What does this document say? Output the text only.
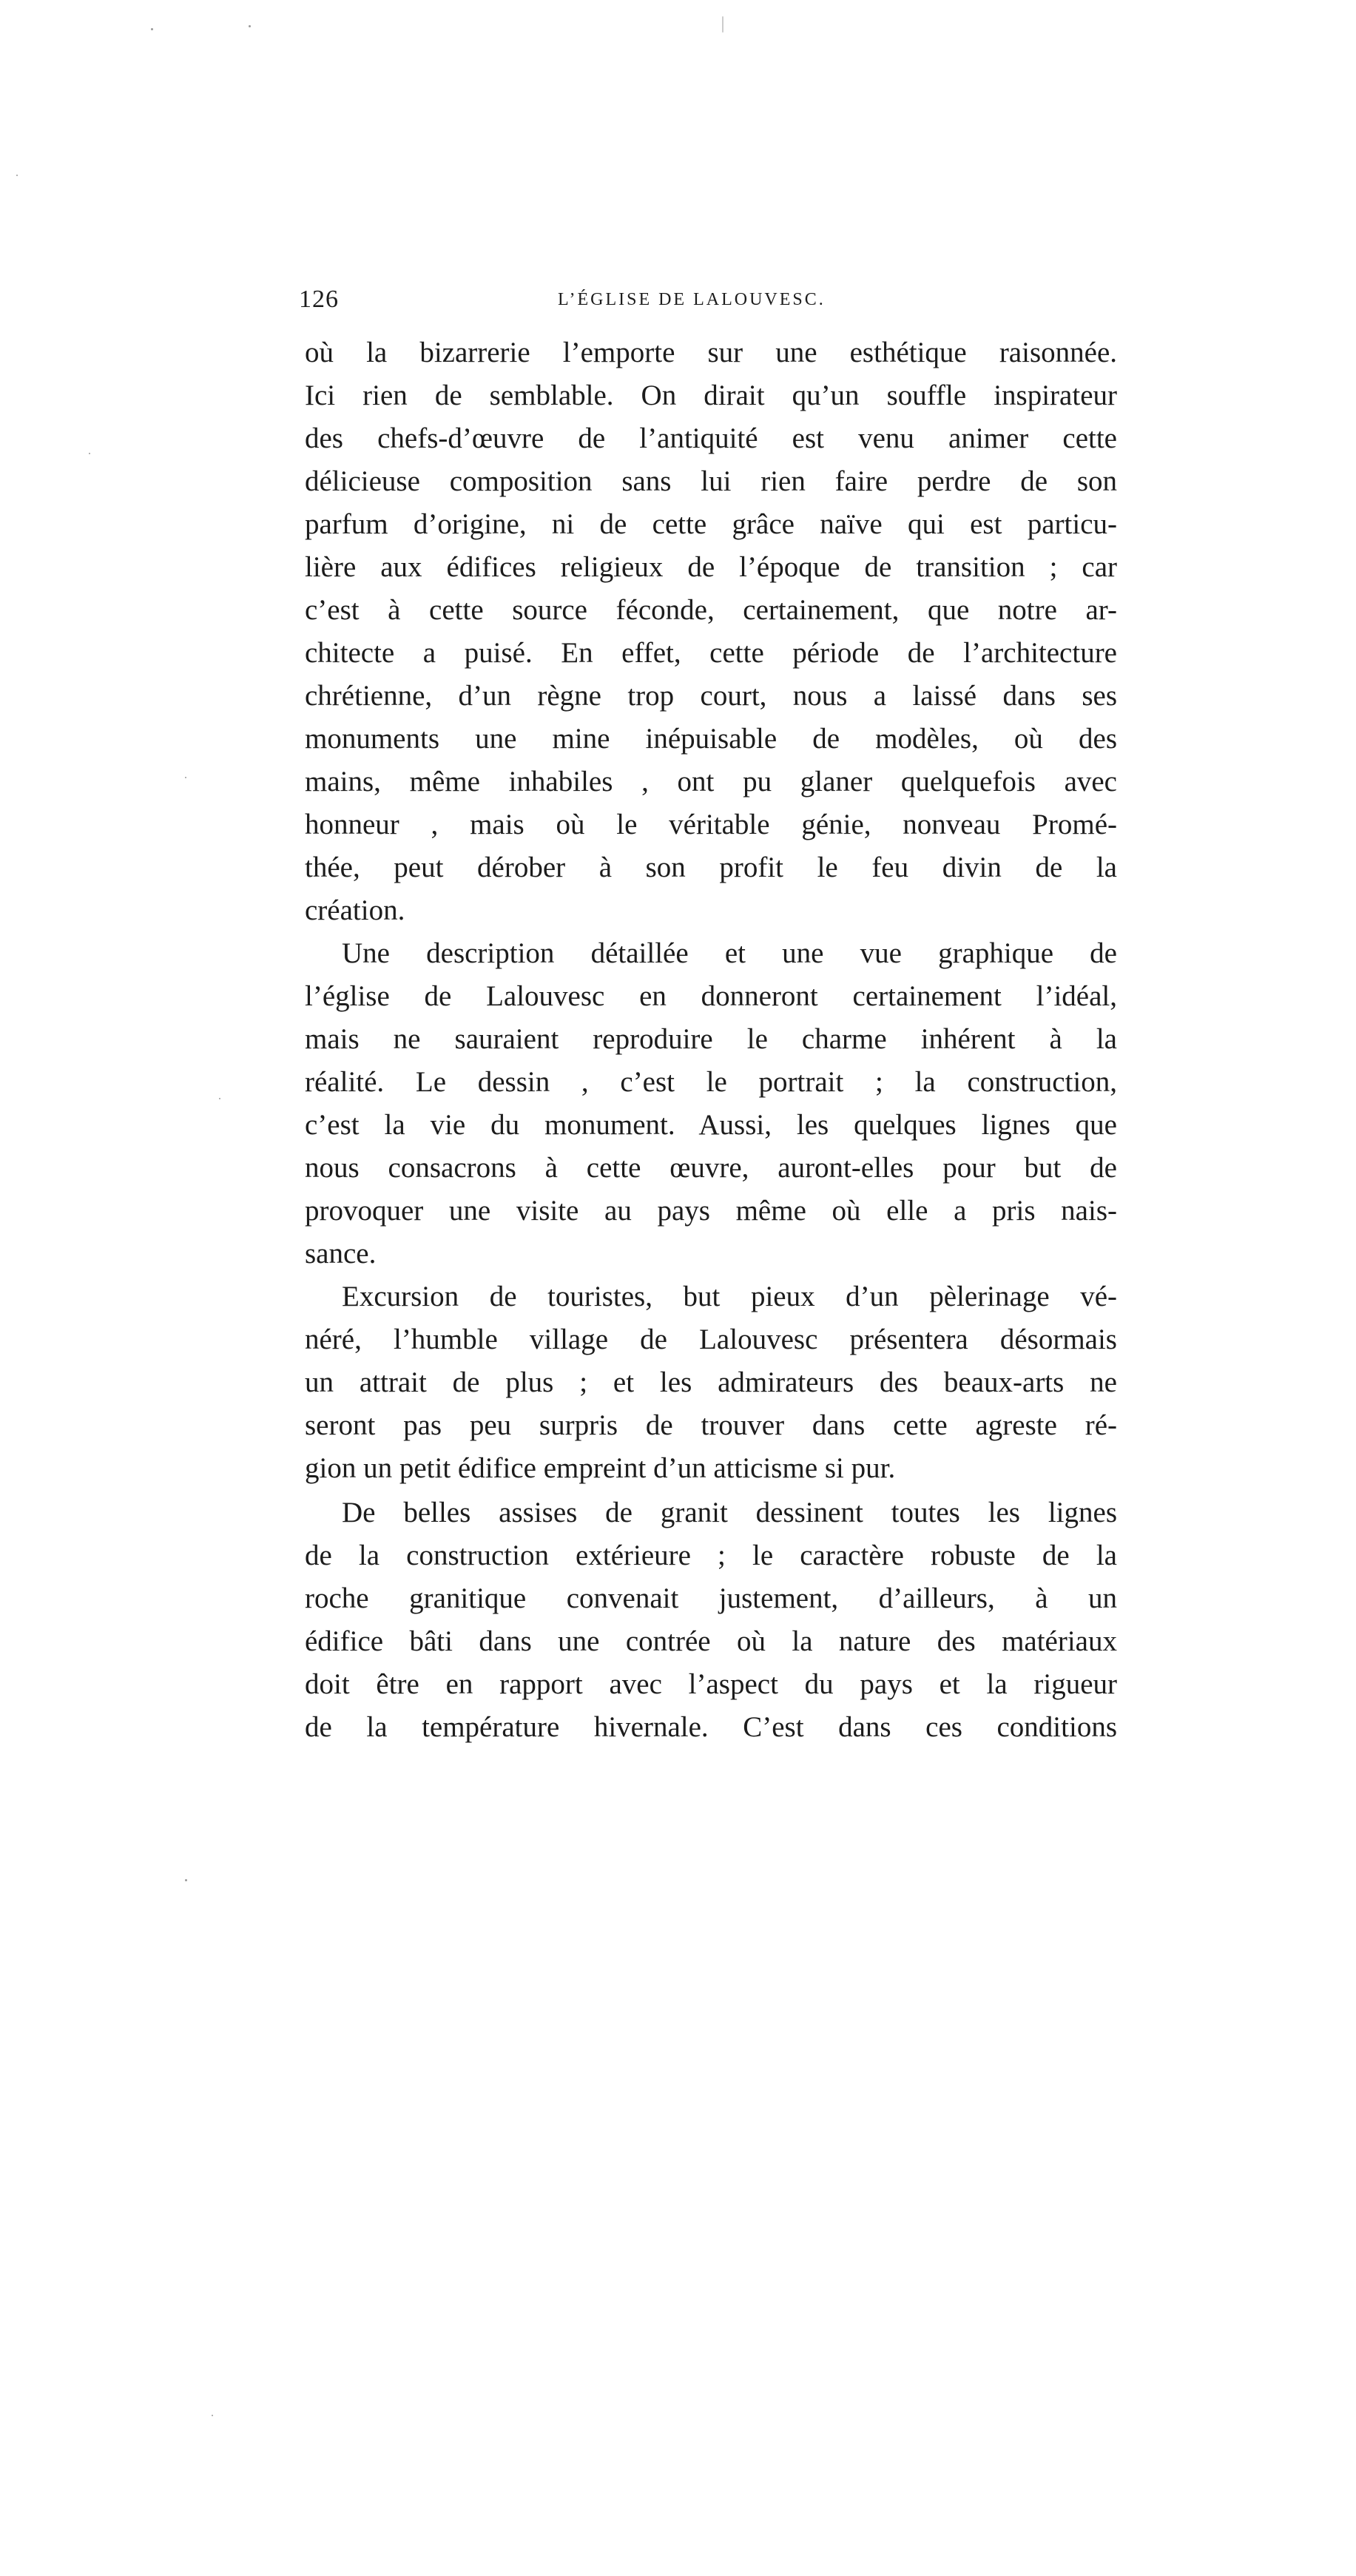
126	L’ÉGLISE DE LALOUVESC.
où la bizarrerie l’emporte sur une esthétique raisonnée.
Ici rien de semblable. On dirait qu’un souffle inspirateur
des chefs-d’œuvre de l’antiquité est venu animer cette
délicieuse composition sans lui rien faire perdre de son
parfum d’origine, ni de cette grâce naïve qui est particu-
lière aux édifices religieux de l’époque de transition ; car
c’est à cette source féconde, certainement, que notre ar-
chitecte a puisé. En effet, cette période de l’architecture
chrétienne, d’un règne trop court, nous a laissé dans ses
monuments une mine inépuisable de modèles, où des
mains, même inhabiles , ont pu glaner quelquefois avec
honneur , mais où le véritable génie, nonveau Promé-
thée, peut dérober à son profit le feu divin de la
création.
Une description détaillée et une vue graphique de
l’église de Lalouvesc en donneront certainement l’idéal,
mais ne sauraient reproduire le charme inhérent à la
réalité. Le dessin , c’est le portrait ; la construction,
c’est la vie du monument. Aussi, les quelques lignes que
nous consacrons à cette œuvre, auront-elles pour but de
provoquer une visite au pays même où elle a pris nais-
sance.
Excursion de touristes, but pieux d’un pèlerinage vé-
néré, l’humble village de Lalouvesc présentera désormais
un attrait de plus ; et les admirateurs des beaux-arts ne
seront pas peu surpris de trouver dans cette agreste ré-
gion un petit édifice empreint d’un atticisme si pur.
De belles assises de granit dessinent toutes les lignes
de la construction extérieure ; le caractère robuste de la
roche granitique convenait justement, d’ailleurs, à un
édifice bâti dans une contrée où la nature des matériaux
doit être en rapport avec l’aspect du pays et la rigueur
de la température hivernale. C’est dans ces conditions
